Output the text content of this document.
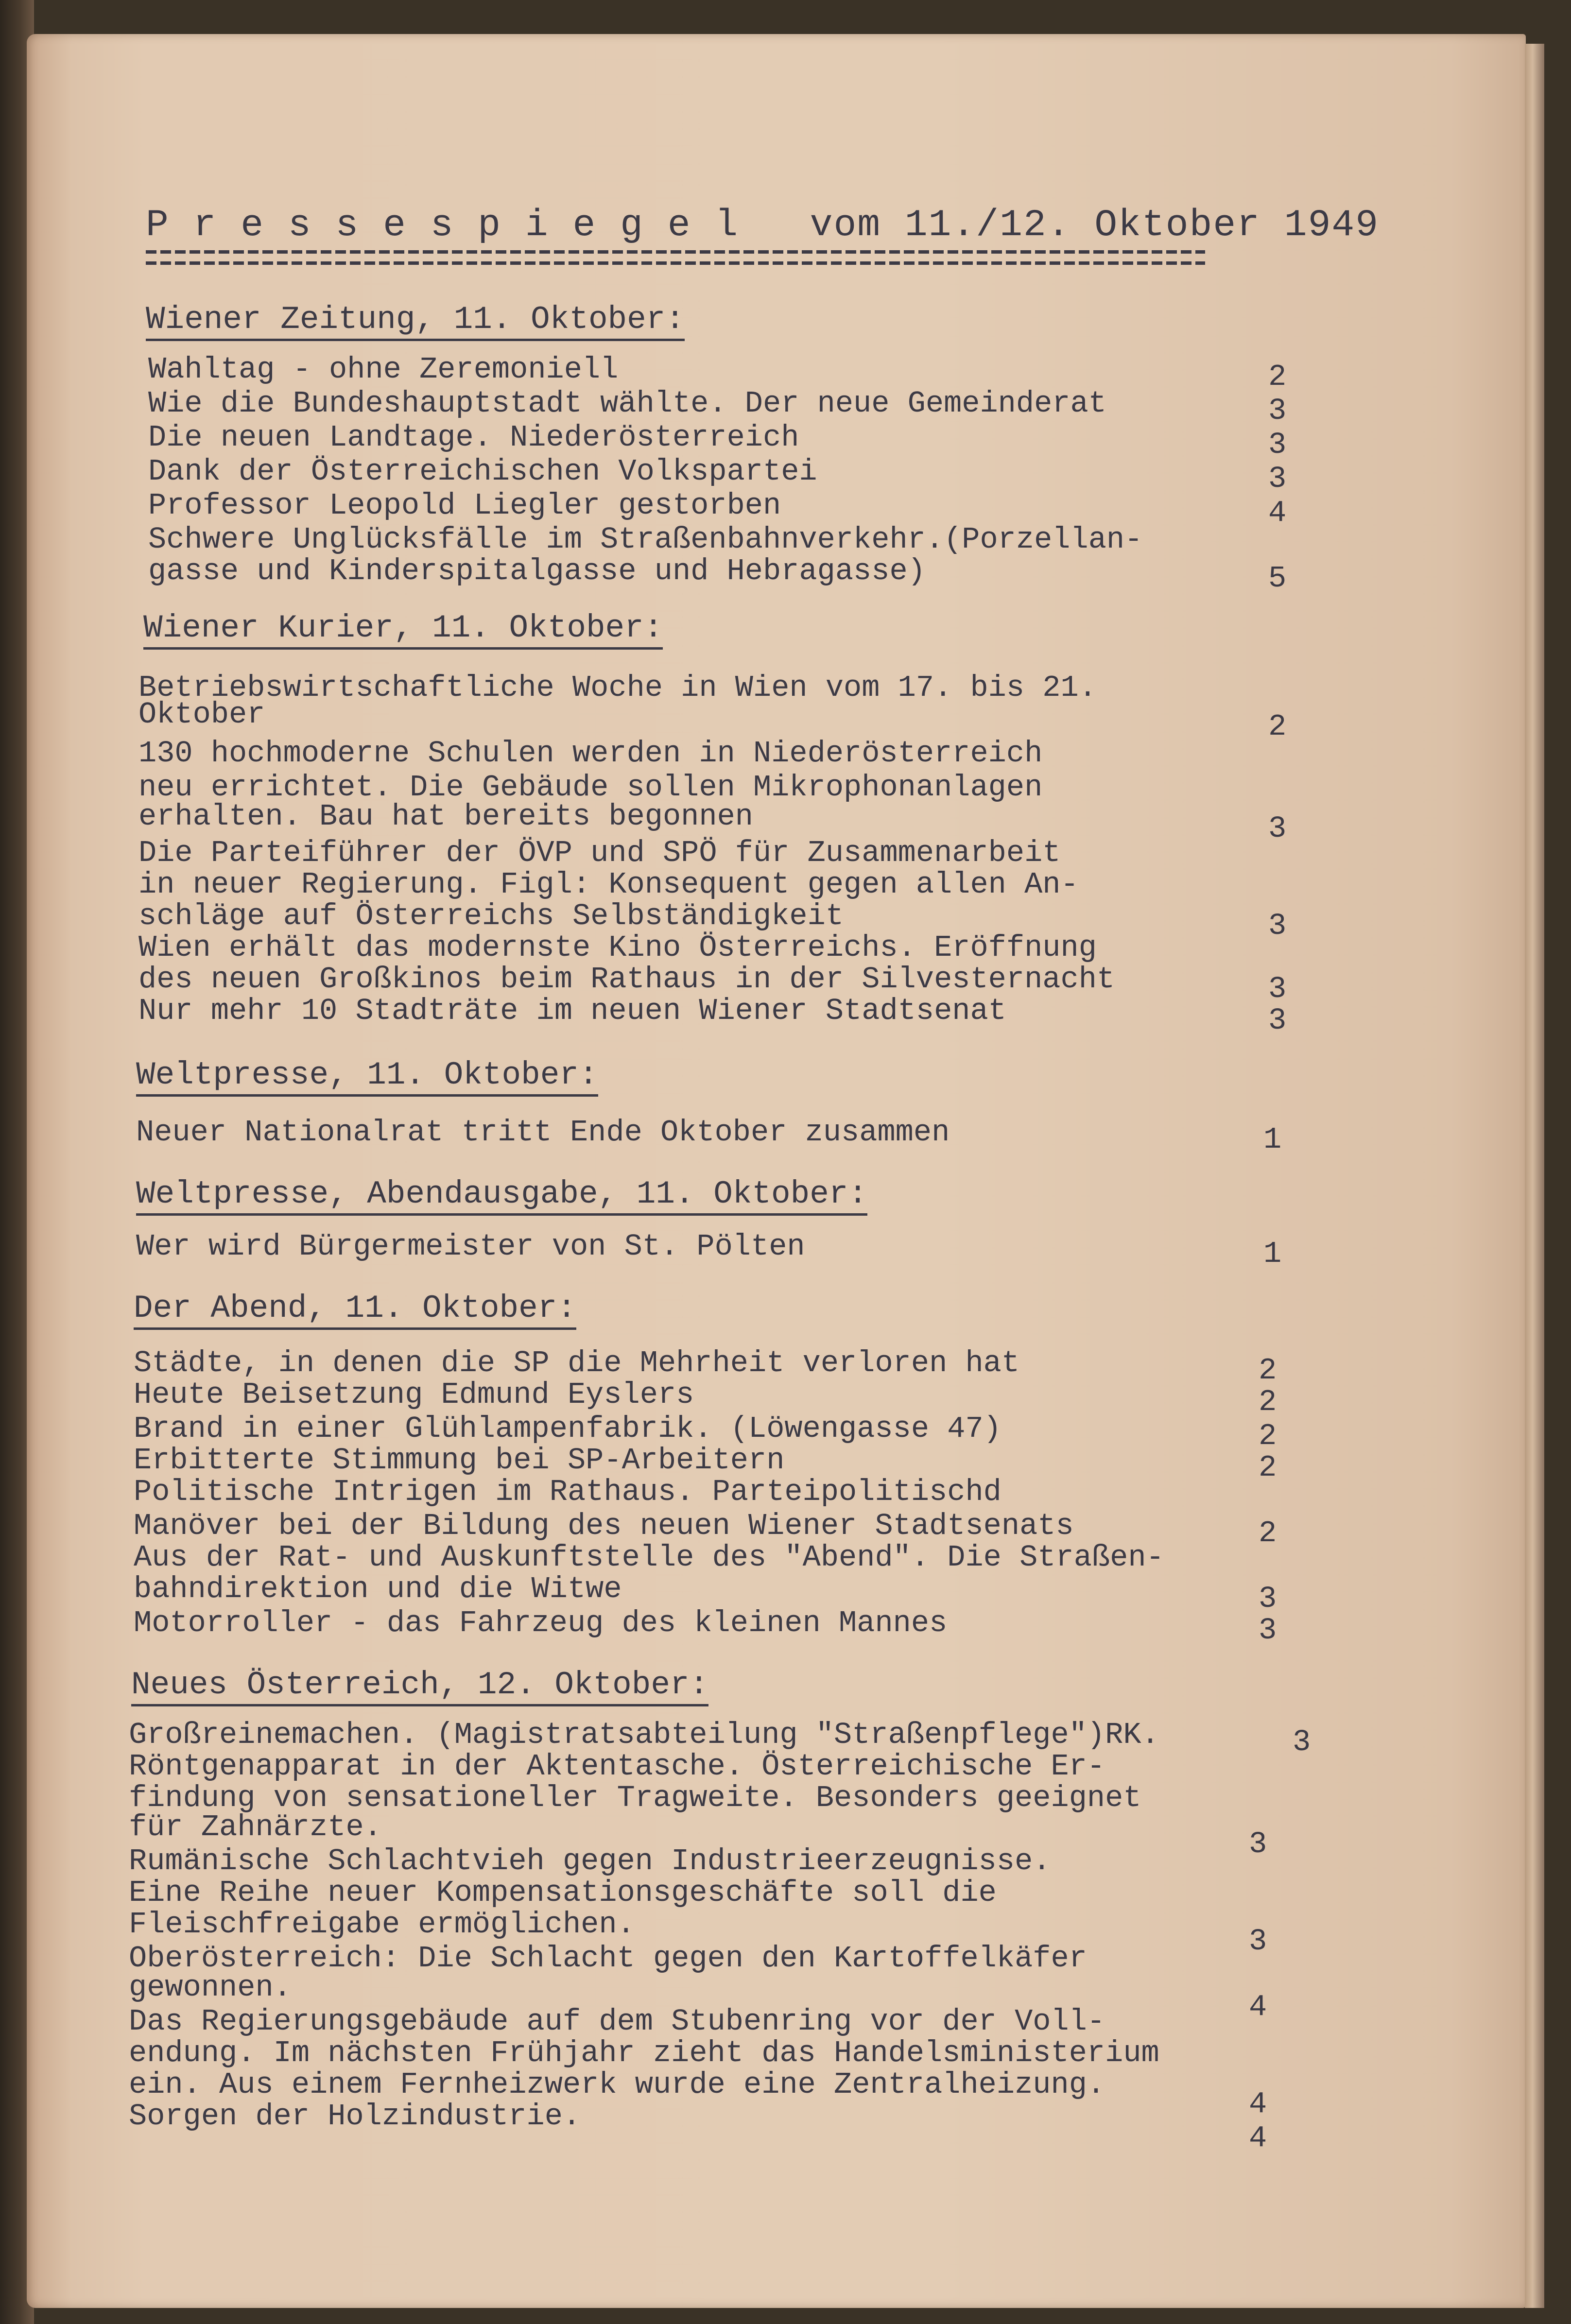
P r e s s e s p i e g e l vom 11./12. Oktober 1949
Wiener Zeitung, 11. Oktober:
Wahltag - ohne Zeremoniell
Wie die Bundeshauptstadt wählte. Der neue Gemeinderat
Die neuen Landtage. Niederösterreich
Dank der Österreichischen Volkspartei
Professor Leopold Liegler gestorben
Schwere Unglücksfälle im Straßenbahnverkehr.(Porzellan-
gasse und Kinderspitalgasse und Hebragasse)
2
3
3
3
4
5
Wiener Kurier, 11. Oktober:
Betriebswirtschaftliche Woche in Wien vom 17. bis 21.
Oktober
130 hochmoderne Schulen werden in Niederösterreich
neu errichtet. Die Gebäude sollen Mikrophonanlagen
erhalten. Bau hat bereits begonnen
Die Parteiführer der ÖVP und SPÖ für Zusammenarbeit
in neuer Regierung. Figl: Konsequent gegen allen An-
schläge auf Österreichs Selbständigkeit
Wien erhält das modernste Kino Österreichs. Eröffnung
des neuen Großkinos beim Rathaus in der Silvesternacht
Nur mehr 10 Stadträte im neuen Wiener Stadtsenat
2
3
3
3
3
Weltpresse, 11. Oktober:
Neuer Nationalrat tritt Ende Oktober zusammen	1
Weltpresse, Abendausgabe, 11. Oktober:
Wer wird Bürgermeister von St. Pölten	1
Der Abend, 11. Oktober:
Städte, in denen die SP die Mehrheit verloren hat
Heute Beisetzung Edmund Eyslers
Brand in einer Glühlampenfabrik. (Löwengasse 47)
Erbitterte Stimmung bei SP-Arbeitern
Politische Intrigen im Rathaus. Parteipolitischd
Manöver bei der Bildung des neuen Wiener Stadtsenats
Aus der Rat- und Auskunftstelle des "Abend". Die Straßen-
bahndirektion und die Witwe
Motorroller - das Fahrzeug des kleinen Mannes
2
2
2
2
2
3
3
Neues Österreich, 12. Oktober:
Großreinemachen. (Magistratsabteilung "Straßenpflege")RK.
Röntgenapparat in der Aktentasche. Österreichische Er-
findung von sensationeller Tragweite. Besonders geeignet
für Zahnärzte.
Rumänische Schlachtvieh gegen Industrieerzeugnisse.
Eine Reihe neuer Kompensationsgeschäfte soll die
Fleischfreigabe ermöglichen.
Oberösterreich: Die Schlacht gegen den Kartoffelkäfer
gewonnen.
Das Regierungsgebäude auf dem Stubenring vor der Voll-
endung. Im nächsten Frühjahr zieht das Handelsministerium
ein. Aus einem Fernheizwerk wurde eine Zentralheizung.
Sorgen der Holzindustrie.
3
3
3
4
4
4
